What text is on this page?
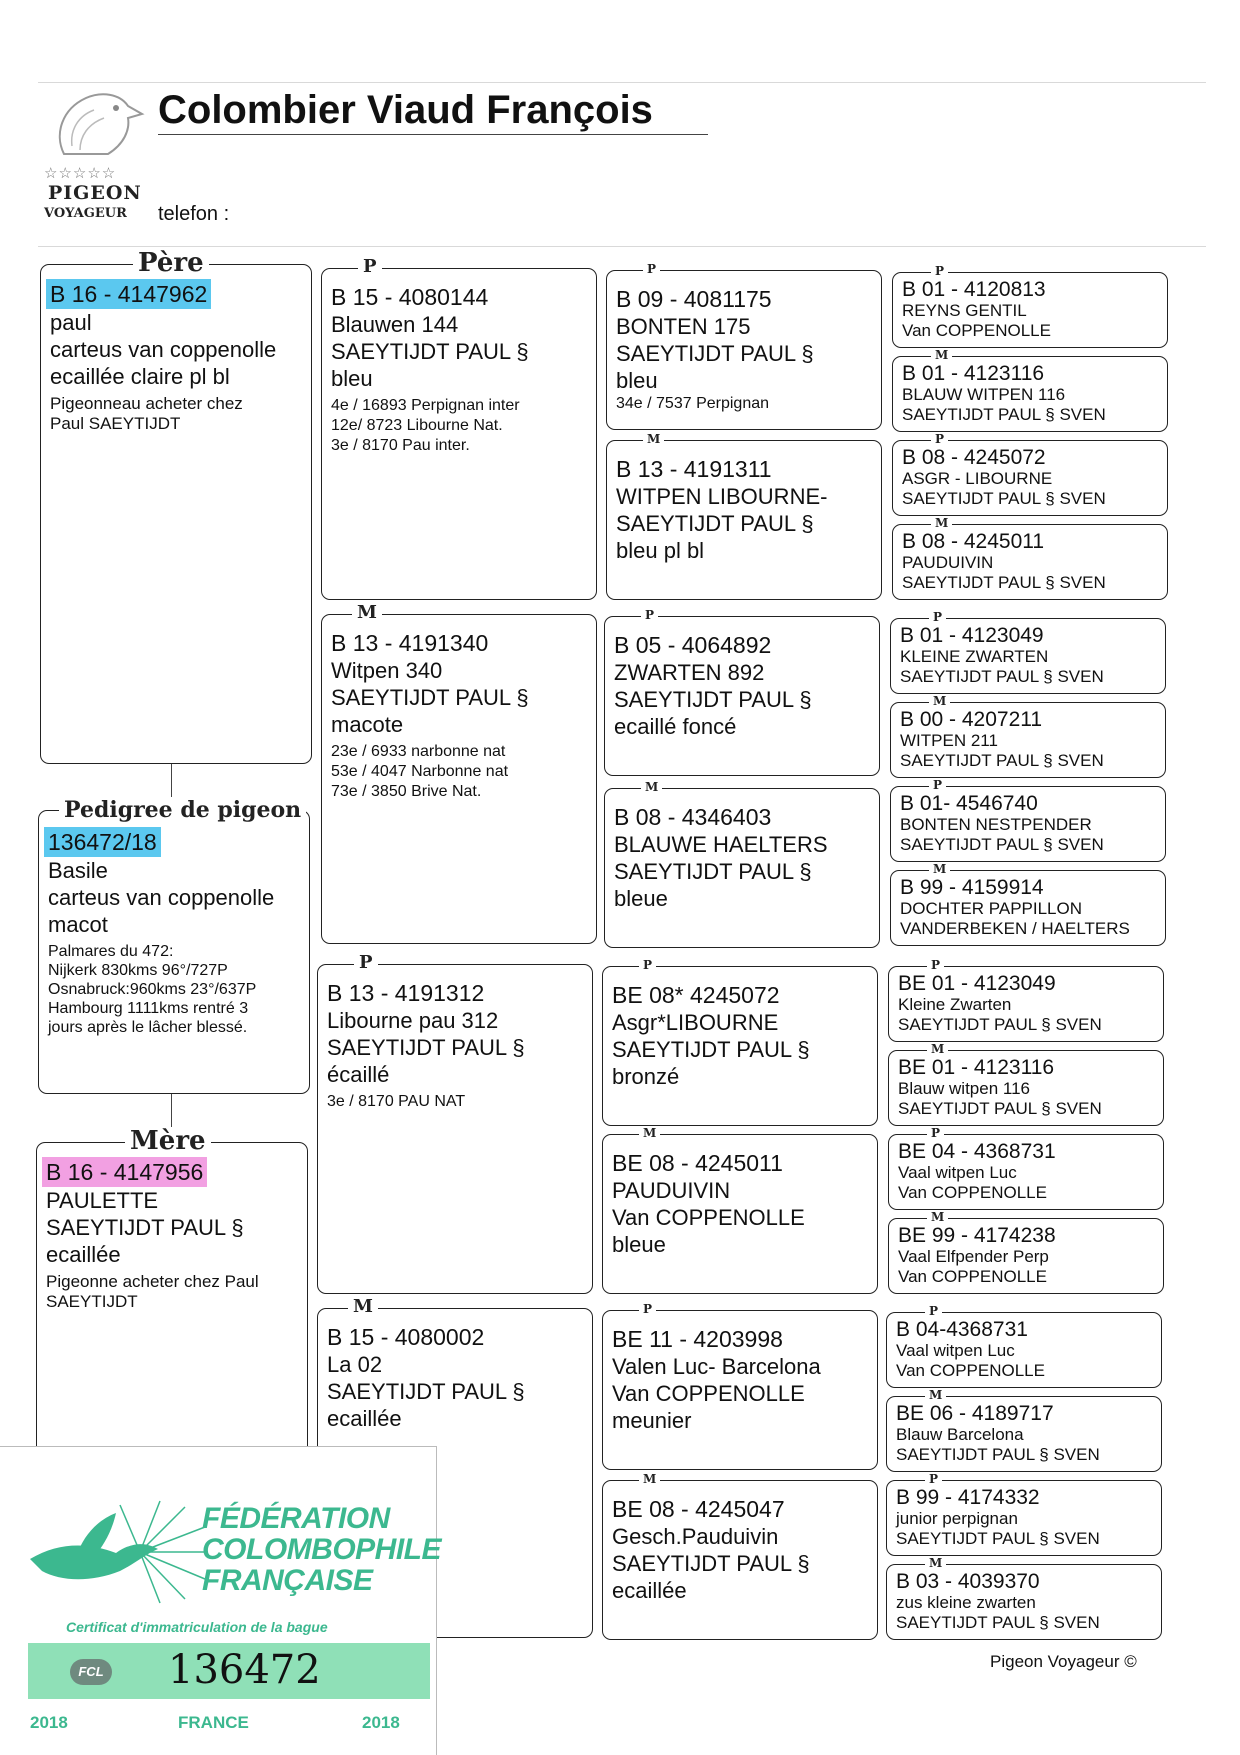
☆☆☆☆☆
PIGEON
VOYAGEUR
Colombier Viaud François
telefon :
Père
B 16 - 4147962
paul
carteus van coppenolle
ecaillée claire pl bl
Pigeonneau acheter chez
Paul SAEYTIJDT
Pedigree de pigeon
136472/18
Basile
carteus van coppenolle
macot
Palmares du 472:
Nijkerk 830kms 96°/727P
Osnabruck:960kms 23°/637P
Hambourg 1111kms rentré 3
jours après le lâcher blessé.
Mère
B 16 - 4147956
PAULETTE
SAEYTIJDT PAUL §
ecaillée
Pigeonne acheter chez Paul
SAEYTIJDT
P
B 15 - 4080144
Blauwen 144
SAEYTIJDT PAUL §
bleu
4e / 16893 Perpignan inter
12e/ 8723 Libourne Nat.
3e / 8170 Pau inter.
M
B 13 - 4191340
Witpen 340
SAEYTIJDT PAUL §
macote
23e / 6933 narbonne nat
53e / 4047 Narbonne nat
73e / 3850 Brive Nat.
P
B 13 - 4191312
Libourne pau 312
SAEYTIJDT PAUL §
écaillé
3e / 8170 PAU NAT
M
B 15 - 4080002
La 02
SAEYTIJDT PAUL §
ecaillée
P
B 09 - 4081175
BONTEN 175
SAEYTIJDT PAUL §
bleu
34e / 7537 Perpignan
M
B 13 - 4191311
WITPEN LIBOURNE-
SAEYTIJDT PAUL §
bleu pl bl
P
B 05 - 4064892
ZWARTEN 892
SAEYTIJDT PAUL §
ecaillé foncé
M
B 08 - 4346403
BLAUWE HAELTERS
SAEYTIJDT PAUL §
bleue
P
BE 08* 4245072
Asgr*LIBOURNE
SAEYTIJDT PAUL §
bronzé
M
BE 08 - 4245011
PAUDUIVIN
Van COPPENOLLE
bleue
P
BE 11 - 4203998
Valen Luc- Barcelona
Van COPPENOLLE
meunier
M
BE 08 - 4245047
Gesch.Pauduivin
SAEYTIJDT PAUL §
ecaillée
P
B 01 - 4120813
REYNS GENTIL
Van COPPENOLLE
M
B 01 - 4123116
BLAUW WITPEN 116
SAEYTIJDT PAUL § SVEN
P
B 08 - 4245072
ASGR - LIBOURNE
SAEYTIJDT PAUL § SVEN
M
B 08 - 4245011
PAUDUIVIN
SAEYTIJDT PAUL § SVEN
P
B 01 - 4123049
KLEINE ZWARTEN
SAEYTIJDT PAUL § SVEN
M
B 00 - 4207211
WITPEN 211
SAEYTIJDT PAUL § SVEN
P
B 01- 4546740
BONTEN NESTPENDER
SAEYTIJDT PAUL § SVEN
M
B 99 - 4159914
DOCHTER PAPPILLON
VANDERBEKEN / HAELTERS
P
BE 01 - 4123049
Kleine Zwarten
SAEYTIJDT PAUL § SVEN
M
BE 01 - 4123116
Blauw witpen 116
SAEYTIJDT PAUL § SVEN
P
BE 04 - 4368731
Vaal witpen Luc
Van COPPENOLLE
M
BE 99 - 4174238
Vaal Elfpender Perp
Van COPPENOLLE
P
B 04-4368731
Vaal witpen Luc
Van COPPENOLLE
M
BE 06 - 4189717
Blauw Barcelona
SAEYTIJDT PAUL § SVEN
P
B 99 - 4174332
junior perpignan
SAEYTIJDT PAUL § SVEN
M
B 03 - 4039370
zus kleine zwarten
SAEYTIJDT PAUL § SVEN
FÉDÉRATION
COLOMBOPHILE
FRANÇAISE
Certificat d'immatriculation de la bague
FCL 136472
2018	FRANCE	2018
Pigeon Voyageur ©
